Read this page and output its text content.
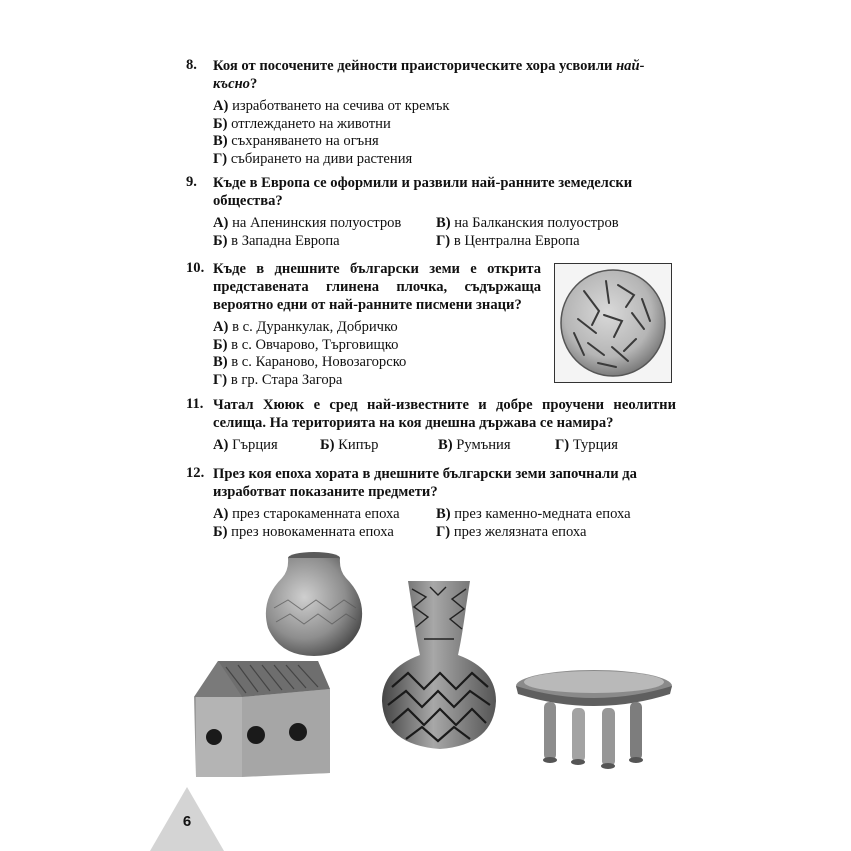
8. Коя от посочените дейности праисторическите хора усвоили най-късно?
А) изработването на сечива от кремък
Б) отглеждането на животни
В) съхраняването на огъня
Г) събирането на диви растения
9. Къде в Европа се оформили и развили най-ранните земеделски общества?
А) на Апенинския полуостров	В) на Балканския полуостров
Б) в Западна Европа	Г) в Централна Европа
10. Къде в днешните български земи е открита представената глинена плочка, съдържаща вероятно едни от най-ранните писмени знаци?
А) в с. Дуранкулак, Добричко
Б) в с. Овчарово, Търговищко
В) в с. Караново, Новозагорско
Г) в гр. Стара Загора
11. Чатал Хююк е сред най-известните и добре проучени неолитни селища. На територията на коя днешна държава се намира?
А) Гърция	Б) Кипър	В) Румъния	Г) Турция
12. През коя епоха хората в днешните български земи започнали да изработват показаните предмети?
А) през старокаменната епоха	В) през каменно-медната епоха
Б) през новокаменната епоха	Г) през желязната епоха
6
